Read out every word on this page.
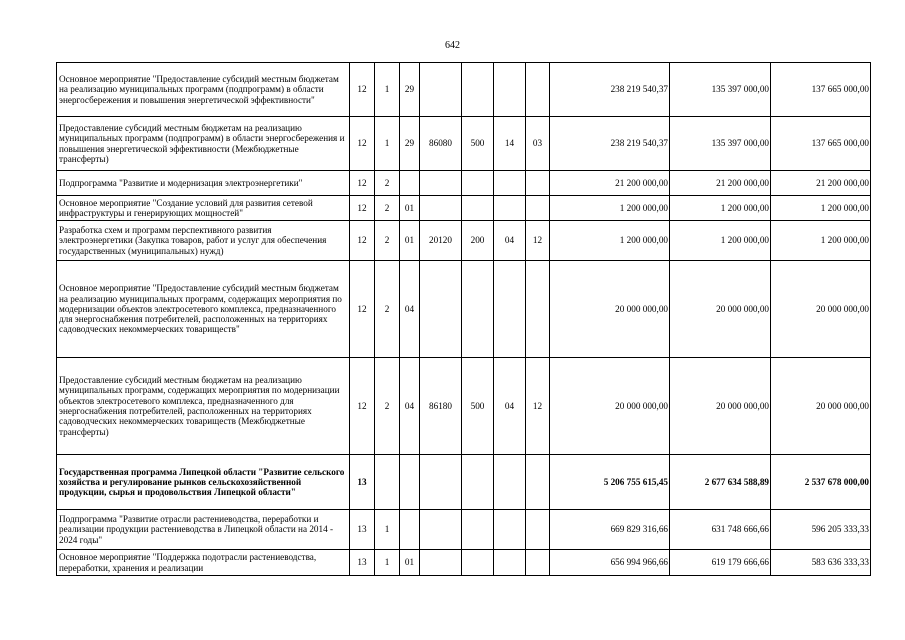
642
Основное мероприятие "Предоставление субсидий местным бюджетам на реализацию муниципальных программ (подпрограмм) в области энергосбережения и повышения энергетической эффективности"	12	1	29					238 219 540,37	135 397 000,00	137 665 000,00
Предоставление субсидий местным бюджетам на реализацию муниципальных программ (подпрограмм) в области энергосбережения и повышения энергетической эффективности (Межбюджетные трансферты)	12	1	29	86080	500	14	03	238 219 540,37	135 397 000,00	137 665 000,00
Подпрограмма "Развитие и модернизация электроэнергетики"	12	2						21 200 000,00	21 200 000,00	21 200 000,00
Основное мероприятие "Создание условий для развития сетевой инфраструктуры и генерирующих мощностей"	12	2	01					1 200 000,00	1 200 000,00	1 200 000,00
Разработка схем и программ перспективного развития электроэнергетики (Закупка товаров, работ и услуг для обеспечения государственных (муниципальных) нужд)	12	2	01	20120	200	04	12	1 200 000,00	1 200 000,00	1 200 000,00
Основное мероприятие "Предоставление субсидий местным бюджетам на реализацию муниципальных программ, содержащих мероприятия по модернизации объектов электросетевого комплекса, предназначенного для энергоснабжения потребителей, расположенных на территориях садоводческих некоммерческих товариществ"	12	2	04					20 000 000,00	20 000 000,00	20 000 000,00
Предоставление субсидий местным бюджетам на реализацию муниципальных программ, содержащих мероприятия по модернизации объектов электросетевого комплекса, предназначенного для энергоснабжения потребителей, расположенных на территориях садоводческих некоммерческих товариществ (Межбюджетные трансферты)	12	2	04	86180	500	04	12	20 000 000,00	20 000 000,00	20 000 000,00
Государственная программа Липецкой области "Развитие сельского хозяйства и регулирование рынков сельскохозяйственной продукции, сырья и продовольствия Липецкой области"	13							5 206 755 615,45	2 677 634 588,89	2 537 678 000,00
Подпрограмма "Развитие отрасли растениеводства, переработки и реализации продукции растениеводства в Липецкой области на 2014 - 2024 годы"	13	1						669 829 316,66	631 748 666,66	596 205 333,33
Основное мероприятие "Поддержка подотрасли растениеводства, переработки, хранения и реализации	13	1	01					656 994 966,66	619 179 666,66	583 636 333,33
